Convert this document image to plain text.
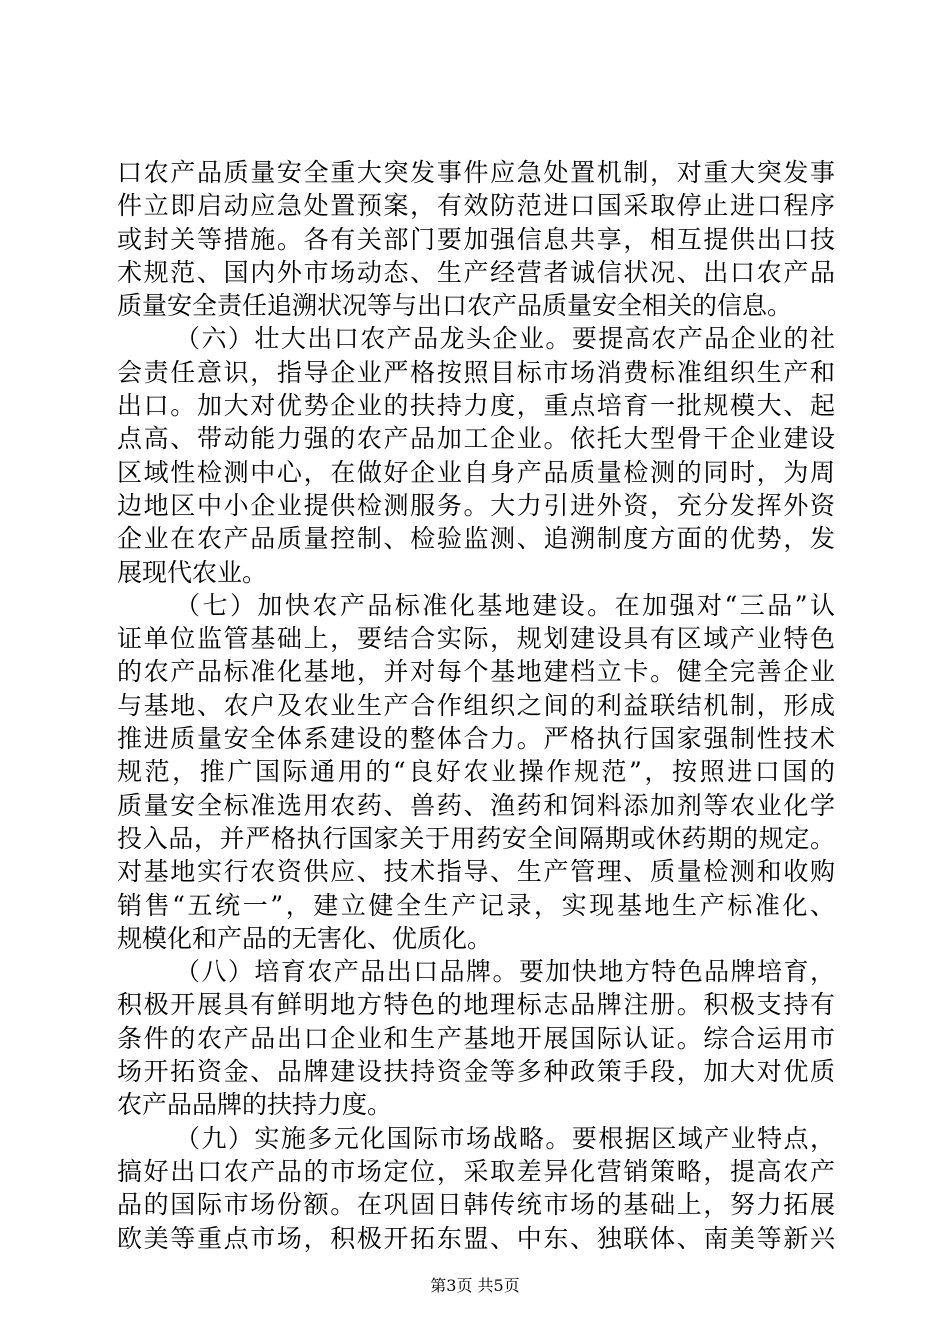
口农产品质量安全重大突发事件应急处置机制，对重大突发事
件立即启动应急处置预案，有效防范进口国采取停止进口程序
或封关等措施。各有关部门要加强信息共享，相互提供出口技
术规范、国内外市场动态、生产经营者诚信状况、出口农产品
质量安全责任追溯状况等与出口农产品质量安全相关的信息。
（六）壮大出口农产品龙头企业。要提高农产品企业的社
会责任意识，指导企业严格按照目标市场消费标准组织生产和
出口。加大对优势企业的扶持力度，重点培育一批规模大、起
点高、带动能力强的农产品加工企业。依托大型骨干企业建设
区域性检测中心，在做好企业自身产品质量检测的同时，为周
边地区中小企业提供检测服务。大力引进外资，充分发挥外资
企业在农产品质量控制、检验监测、追溯制度方面的优势，发
展现代农业。
（七）加快农产品标准化基地建设。在加强对“三品”认
证单位监管基础上，要结合实际，规划建设具有区域产业特色
的农产品标准化基地，并对每个基地建档立卡。健全完善企业
与基地、农户及农业生产合作组织之间的利益联结机制，形成
推进质量安全体系建设的整体合力。严格执行国家强制性技术
规范，推广国际通用的“良好农业操作规范”，按照进口国的
质量安全标准选用农药、兽药、渔药和饲料添加剂等农业化学
投入品，并严格执行国家关于用药安全间隔期或休药期的规定。
对基地实行农资供应、技术指导、生产管理、质量检测和收购
销售“五统一”，建立健全生产记录，实现基地生产标准化、
规模化和产品的无害化、优质化。
（八）培育农产品出口品牌。要加快地方特色品牌培育，
积极开展具有鲜明地方特色的地理标志品牌注册。积极支持有
条件的农产品出口企业和生产基地开展国际认证。综合运用市
场开拓资金、品牌建设扶持资金等多种政策手段，加大对优质
农产品品牌的扶持力度。
（九）实施多元化国际市场战略。要根据区域产业特点，
搞好出口农产品的市场定位，采取差异化营销策略，提高农产
品的国际市场份额。在巩固日韩传统市场的基础上，努力拓展
欧美等重点市场，积极开拓东盟、中东、独联体、南美等新兴
第3页 共5页
